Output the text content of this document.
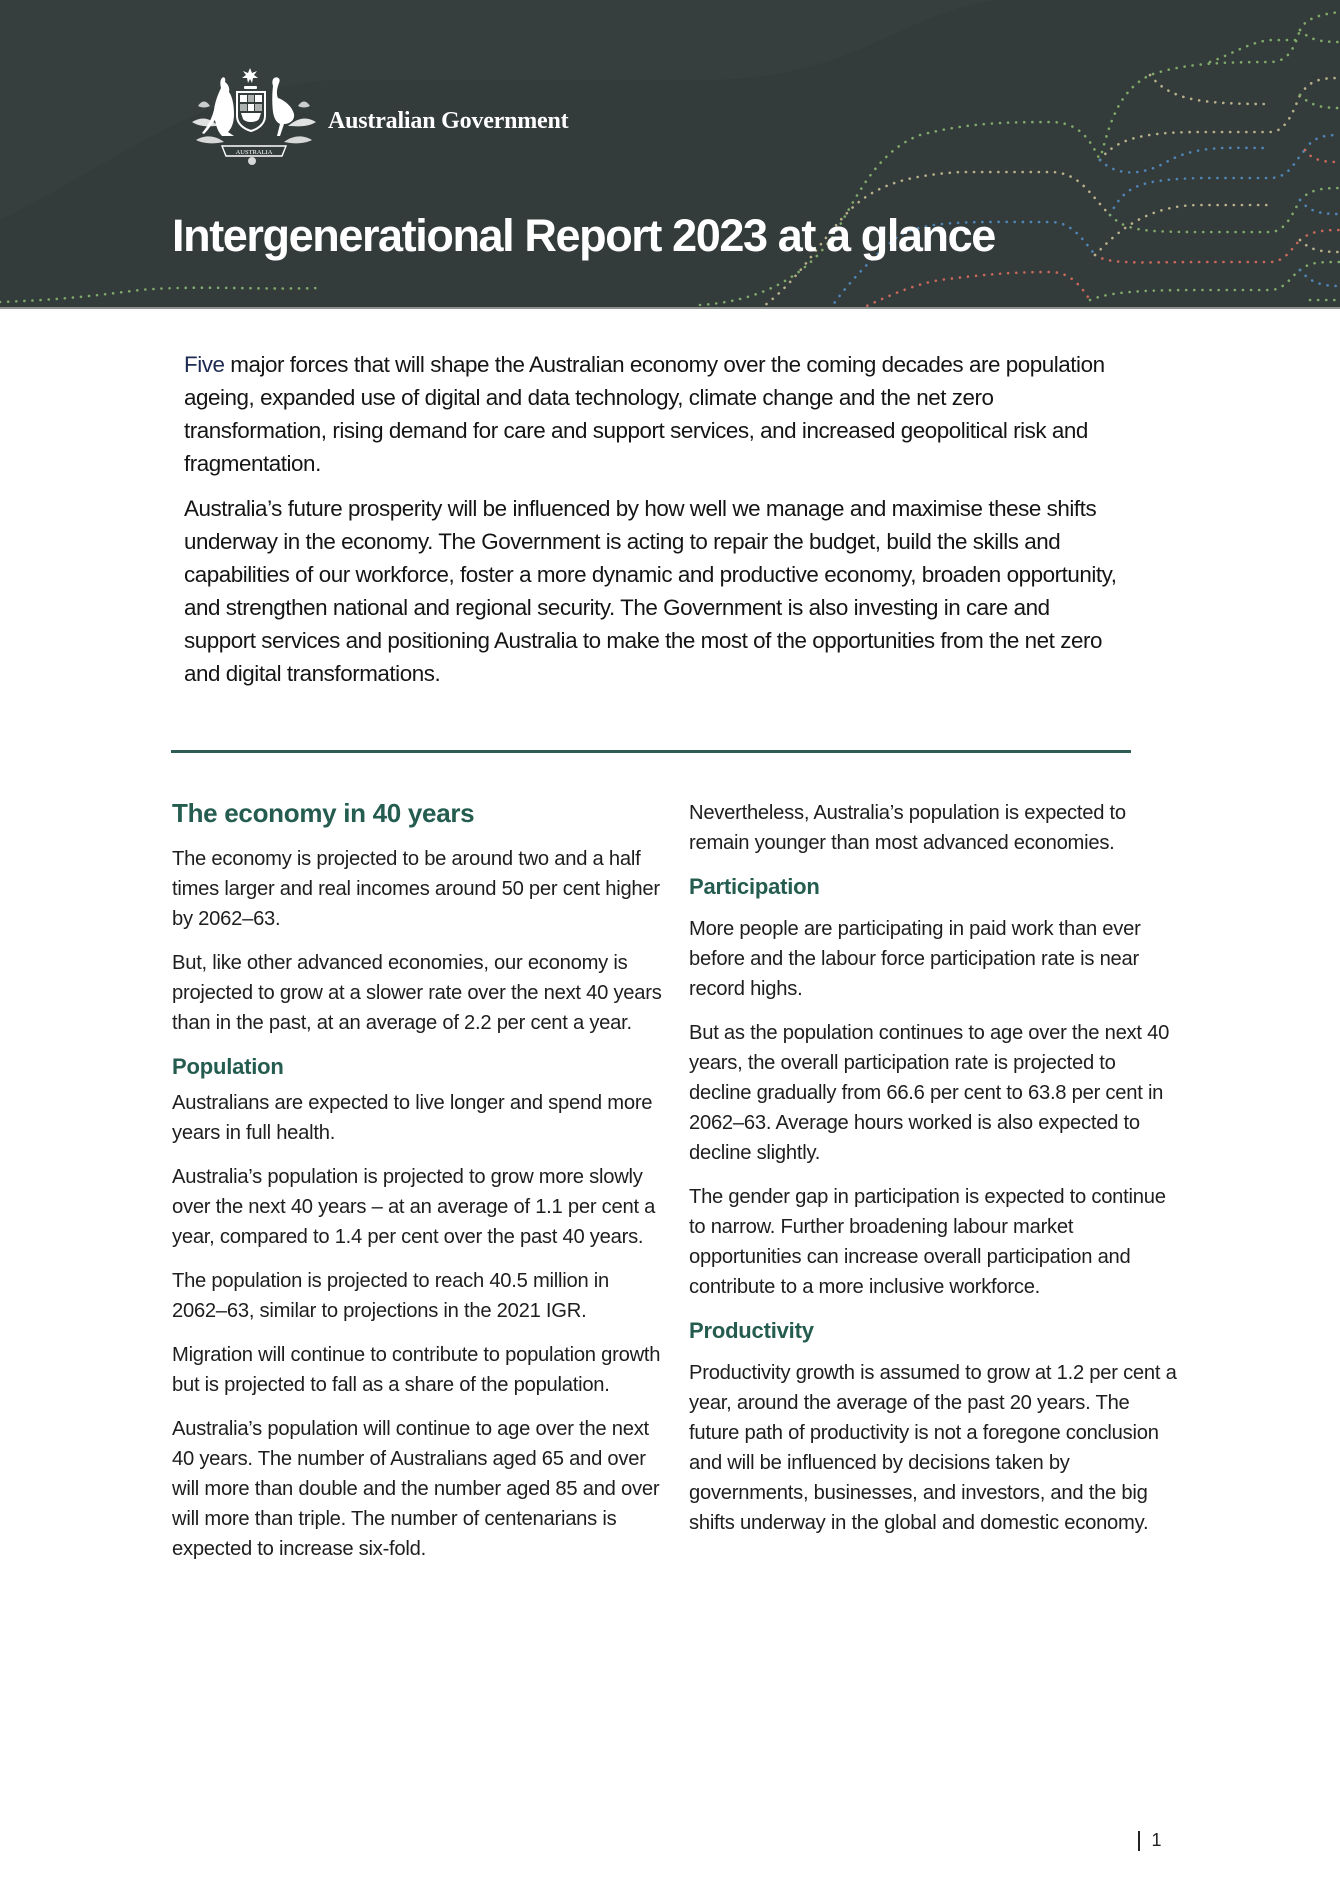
AUSTRALIA
Australian Government
Intergenerational Report 2023 at a glance

Five major forces that will shape the Australian economy over the coming decades are population ageing, expanded use of digital and data technology, climate change and the net zero transformation, rising demand for care and support services, and increased geopolitical risk and fragmentation.

Australia’s future prosperity will be influenced by how well we manage and maximise these shifts underway in the economy. The Government is acting to repair the budget, build the skills and capabilities of our workforce, foster a more dynamic and productive economy, broaden opportunity, and strengthen national and regional security. The Government is also investing in care and support services and positioning Australia to make the most of the opportunities from the net zero and digital transformations.

The economy in 40 years

The economy is projected to be around two and a half times larger and real incomes around 50 per cent higher by 2062–63.

But, like other advanced economies, our economy is projected to grow at a slower rate over the next 40 years than in the past, at an average of 2.2 per cent a year.

Population

Australians are expected to live longer and spend more years in full health.

Australia’s population is projected to grow more slowly over the next 40 years – at an average of 1.1 per cent a year, compared to 1.4 per cent over the past 40 years.

The population is projected to reach 40.5 million in 2062–63, similar to projections in the 2021 IGR.

Migration will continue to contribute to population growth but is projected to fall as a share of the population.

Australia’s population will continue to age over the next 40 years. The number of Australians aged 65 and over will more than double and the number aged 85 and over will more than triple. The number of centenarians is expected to increase six-fold.

Nevertheless, Australia’s population is expected to remain younger than most advanced economies.

Participation

More people are participating in paid work than ever before and the labour force participation rate is near record highs.

But as the population continues to age over the next 40 years, the overall participation rate is projected to decline gradually from 66.6 per cent to 63.8 per cent in 2062–63. Average hours worked is also expected to decline slightly.

The gender gap in participation is expected to continue to narrow. Further broadening labour market opportunities can increase overall participation and contribute to a more inclusive workforce.

Productivity

Productivity growth is assumed to grow at 1.2 per cent a year, around the average of the past 20 years. The future path of productivity is not a foregone conclusion and will be influenced by decisions taken by governments, businesses, and investors, and the big shifts underway in the global and domestic economy.

1
